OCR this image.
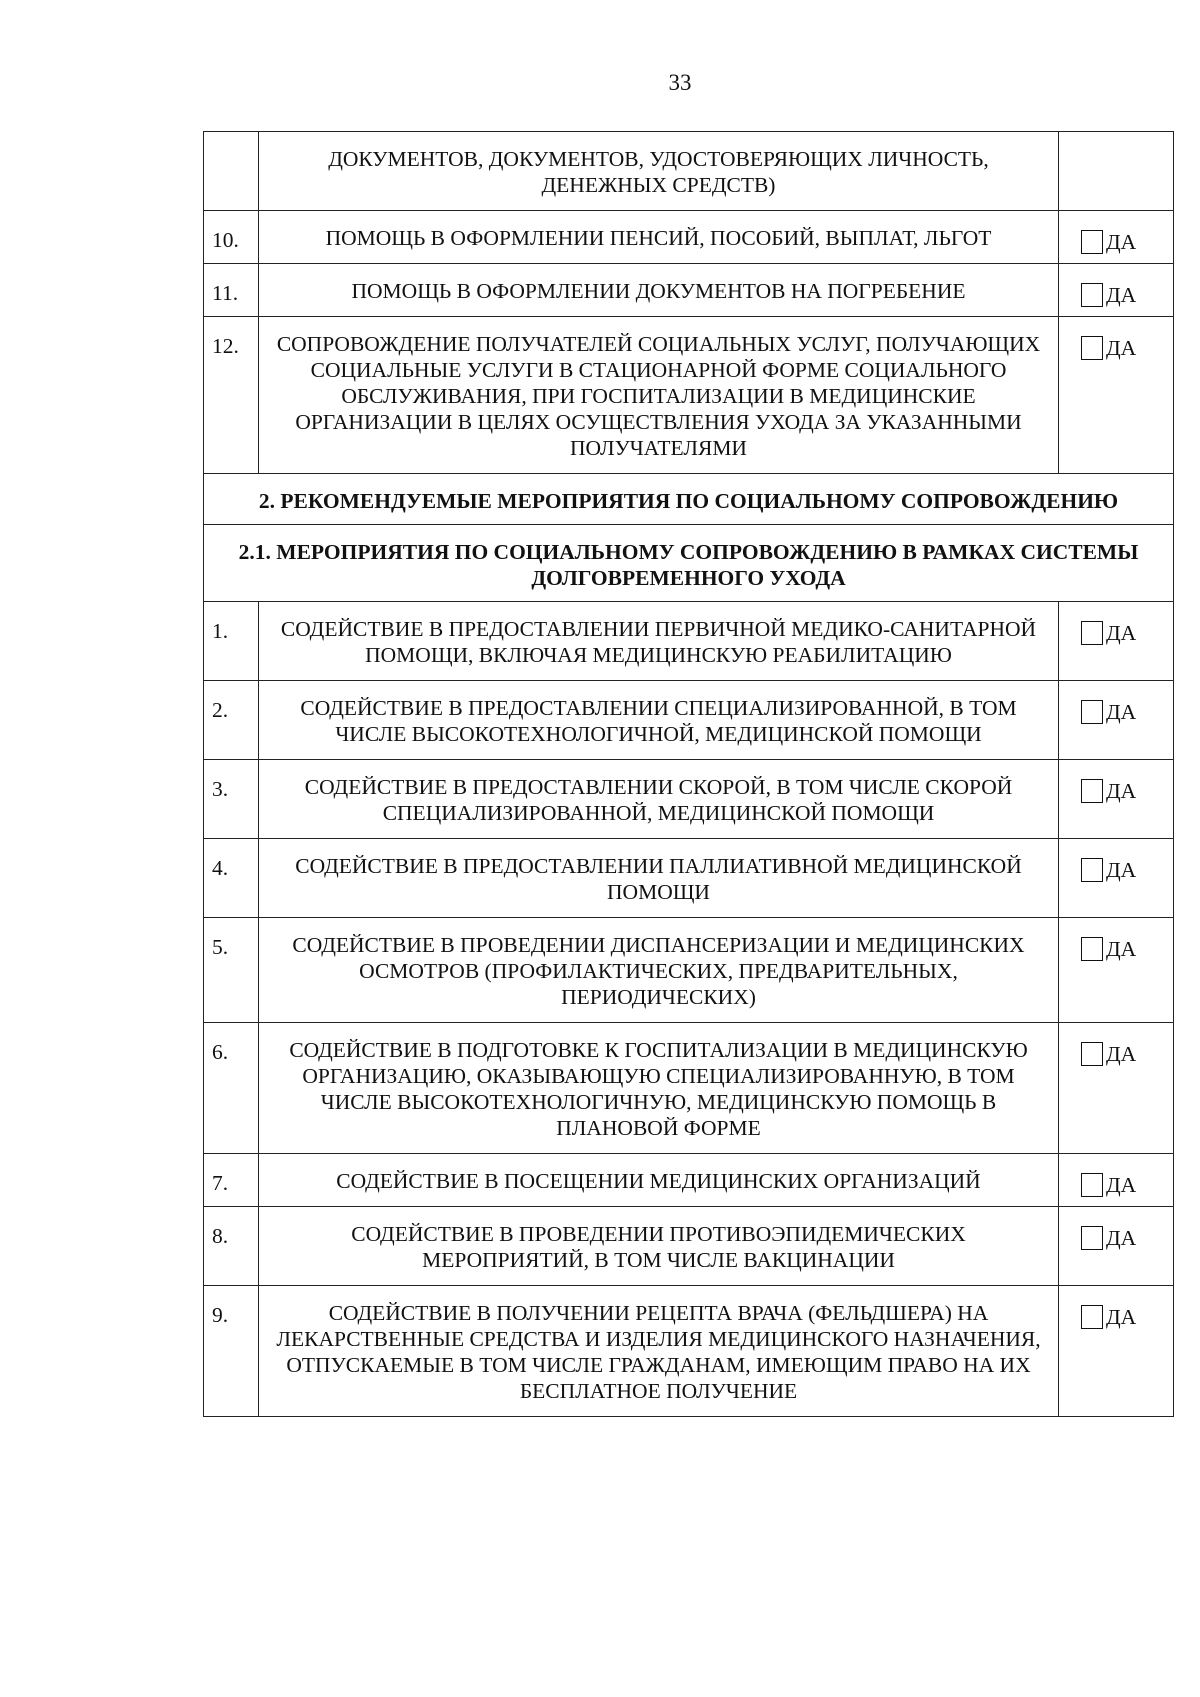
33
	ДОКУМЕНТОВ, ДОКУМЕНТОВ, УДОСТОВЕРЯЮЩИХ ЛИЧНОСТЬ, ДЕНЕЖНЫХ СРЕДСТВ)	
10.	ПОМОЩЬ В ОФОРМЛЕНИИ ПЕНСИЙ, ПОСОБИЙ, ВЫПЛАТ, ЛЬГОТ	ДА

11.	ПОМОЩЬ В ОФОРМЛЕНИИ ДОКУМЕНТОВ НА ПОГРЕБЕНИЕ	ДА

12.	СОПРОВОЖДЕНИЕ ПОЛУЧАТЕЛЕЙ СОЦИАЛЬНЫХ УСЛУГ, ПОЛУЧАЮЩИХ СОЦИАЛЬНЫЕ УСЛУГИ В СТАЦИОНАРНОЙ ФОРМЕ СОЦИАЛЬНОГО ОБСЛУЖИВАНИЯ, ПРИ ГОСПИТАЛИЗАЦИИ В МЕДИЦИНСКИЕ ОРГАНИЗАЦИИ В ЦЕЛЯХ ОСУЩЕСТВЛЕНИЯ УХОДА ЗА УКАЗАННЫМИ ПОЛУЧАТЕЛЯМИ	ДА

2. РЕКОМЕНДУЕМЫЕ МЕРОПРИЯТИЯ ПО СОЦИАЛЬНОМУ СОПРОВОЖДЕНИЮ		
2.1. МЕРОПРИЯТИЯ ПО СОЦИАЛЬНОМУ СОПРОВОЖДЕНИЮ В РАМКАХ СИСТЕМЫ ДОЛГОВРЕМЕННОГО УХОДА		
1.	СОДЕЙСТВИЕ В ПРЕДОСТАВЛЕНИИ ПЕРВИЧНОЙ МЕДИКО-САНИТАРНОЙ ПОМОЩИ, ВКЛЮЧАЯ МЕДИЦИНСКУЮ РЕАБИЛИТАЦИЮ	ДА

2.	СОДЕЙСТВИЕ В ПРЕДОСТАВЛЕНИИ СПЕЦИАЛИЗИРОВАННОЙ, В ТОМ ЧИСЛЕ ВЫСОКОТЕХНОЛОГИЧНОЙ, МЕДИЦИНСКОЙ ПОМОЩИ	ДА

3.	СОДЕЙСТВИЕ В ПРЕДОСТАВЛЕНИИ СКОРОЙ, В ТОМ ЧИСЛЕ СКОРОЙ СПЕЦИАЛИЗИРОВАННОЙ, МЕДИЦИНСКОЙ ПОМОЩИ	ДА

4.	СОДЕЙСТВИЕ В ПРЕДОСТАВЛЕНИИ ПАЛЛИАТИВНОЙ МЕДИЦИНСКОЙ ПОМОЩИ	ДА

5.	СОДЕЙСТВИЕ В ПРОВЕДЕНИИ ДИСПАНСЕРИЗАЦИИ И МЕДИЦИНСКИХ ОСМОТРОВ (ПРОФИЛАКТИЧЕСКИХ, ПРЕДВАРИТЕЛЬНЫХ, ПЕРИОДИЧЕСКИХ)	ДА

6.	СОДЕЙСТВИЕ В ПОДГОТОВКЕ К ГОСПИТАЛИЗАЦИИ В МЕДИЦИНСКУЮ ОРГАНИЗАЦИЮ, ОКАЗЫВАЮЩУЮ СПЕЦИАЛИЗИРОВАННУЮ, В ТОМ ЧИСЛЕ ВЫСОКОТЕХНОЛОГИЧНУЮ, МЕДИЦИНСКУЮ ПОМОЩЬ В ПЛАНОВОЙ ФОРМЕ	ДА

7.	СОДЕЙСТВИЕ В ПОСЕЩЕНИИ МЕДИЦИНСКИХ ОРГАНИЗАЦИЙ	ДА

8.	СОДЕЙСТВИЕ В ПРОВЕДЕНИИ ПРОТИВОЭПИДЕМИЧЕСКИХ МЕРОПРИЯТИЙ, В ТОМ ЧИСЛЕ ВАКЦИНАЦИИ	ДА

9.	СОДЕЙСТВИЕ В ПОЛУЧЕНИИ РЕЦЕПТА ВРАЧА (ФЕЛЬДШЕРА) НА ЛЕКАРСТВЕННЫЕ СРЕДСТВА И ИЗДЕЛИЯ МЕДИЦИНСКОГО НАЗНАЧЕНИЯ, ОТПУСКАЕМЫЕ В ТОМ ЧИСЛЕ ГРАЖДАНАМ, ИМЕЮЩИМ ПРАВО НА ИХ БЕСПЛАТНОЕ ПОЛУЧЕНИЕ	ДА
